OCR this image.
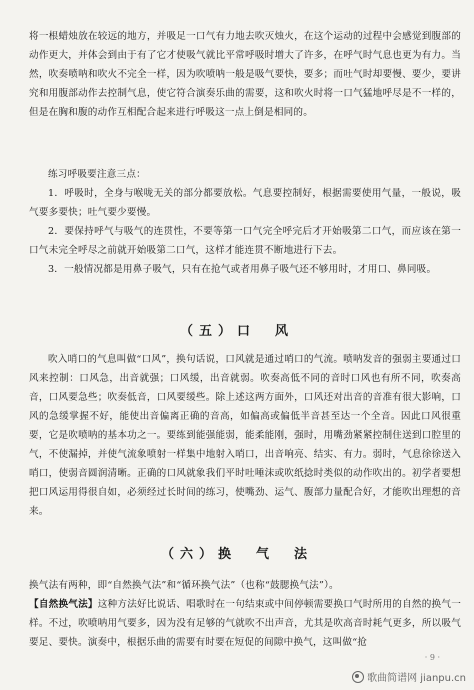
将一根蜡烛放在较远的地方，并吸足一口气有力地去吹灭烛火，在这个运动的过程中会感觉到腹部的动作更大，并体会到由于有了它才使吸气就比平常呼吸时增大了许多，在呼气时气息也更为有力。当然，吹奏喷呐和吹火不完全一样，因为吹喷呐一般是吸气要快，要多；而吐气时却要慢、要少，要讲究和用腹部动作去控制气息，使它符合演奏乐曲的需要，这和吹火时将一口气猛地呼尽是不一样的，但是在胸和腹的动作互相配合起来进行呼吸这一点上倒是相同的。

练习呼吸要注意三点：

1．呼吸时，全身与喉咙无关的部分都要放松。气息要控制好，根据需要使用气量，一般说，吸气要多要快；吐气要少要慢。

2．要保持呼气与吸气的连贯性，不要等第一口气完全呼完后才开始吸第二口气，而应该在第一口气未完全呼尽之前就开始吸第二口气，这样才能连贯不断地进行下去。

3．一般情况都是用鼻子吸气，只有在抢气或者用鼻子吸气还不够用时，才用口、鼻同吸。

（五）口　风

吹入哨口的气息叫做“口风”，换句话说，口风就是通过哨口的气流。喷呐发音的强弱主要通过口风来控制：口风急，出音就强；口风缓，出音就弱。吹奏高低不同的音时口风也有所不同，吹奏高音，口风要急些；吹奏低音，口风要缓些。除上述这两方面外，口风还对出音的音准有很大影响，口风的急缓掌握不好，能使出音偏离正确的音高，如偏高或偏低半音甚至达一个全音。因此口风很重要，它是吹喷呐的基本功之一。要练到能强能弱，能柔能刚，强时，用嘴劲紧紧控制住送到口腔里的气，不使漏掉，并使气流象喷射一样集中地射入哨口，出音响亮、结实、有力。弱时，气息徐徐送入哨口，使弱音圆润清晰。正确的口风就象我们平时吐唾沫或吹纸捻时类似的动作吹出的。初学者要想把口风运用得很自如，必须经过长时间的练习，使嘴劲、运气、腹部力量配合好，才能吹出理想的音来。

（六）换　气　法

换气法有两种，即“自然换气法”和“循环换气法”（也称“鼓腮换气法”）。

【自然换气法】这种方法好比说话、唱歌时在一句结束或中间停顿需要换口气时所用的自然的换气一样。不过，吹喷呐用气要多，因为没有足够的气就吹不出声音，尤其是吹高音时耗气更多，所以吸气要足、要快。演奏中，根据乐曲的需要有时要在短促的间隙中换气，这叫做“抢

· 9 ·
歌曲简谱网 jianpu.cn
